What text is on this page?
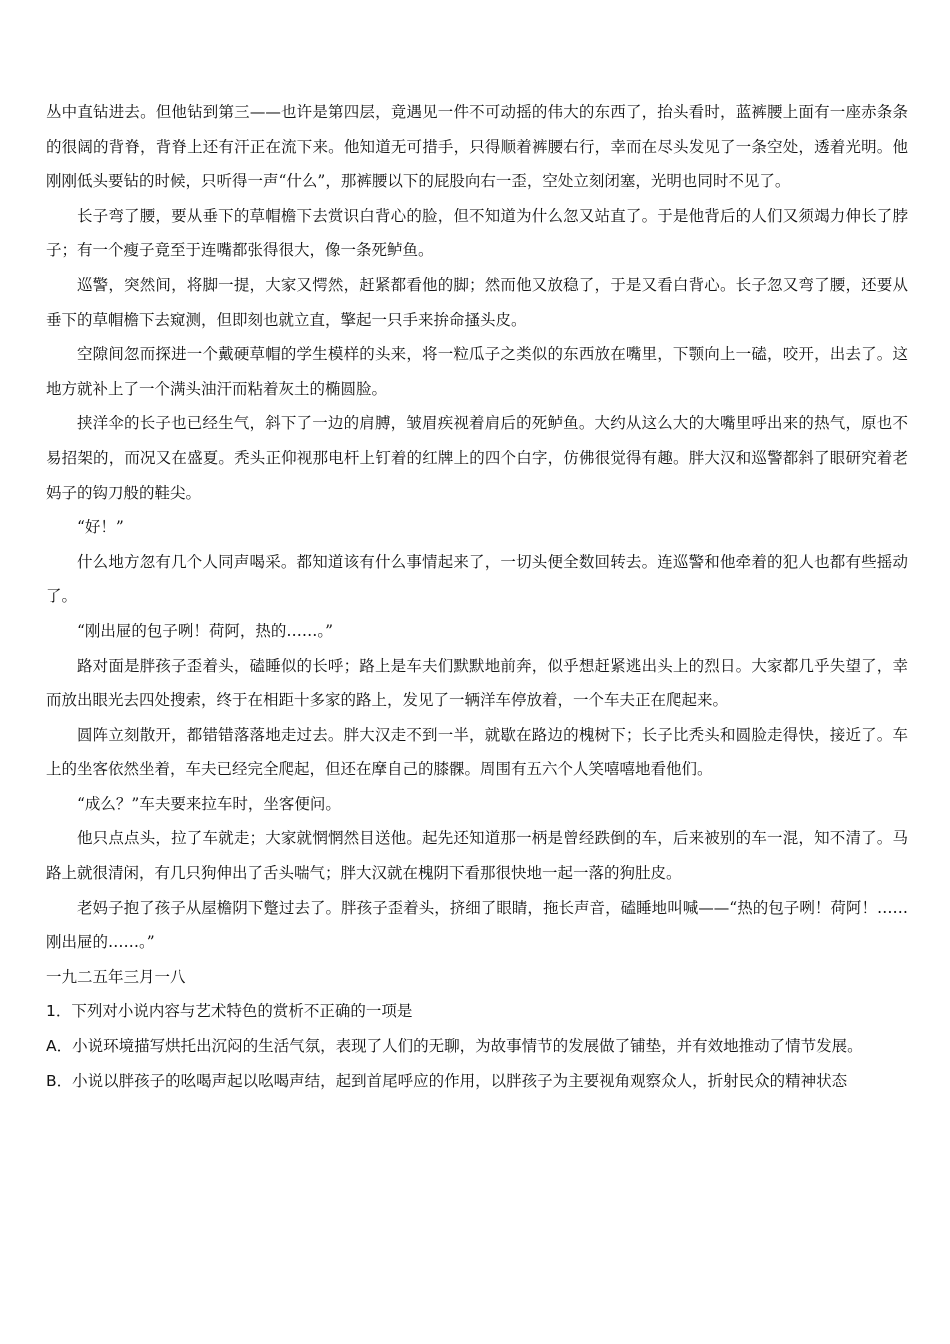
丛中直钻进去。但他钻到第三——也许是第四层，竟遇见一件不可动摇的伟大的东西了，抬头看时，蓝裤腰上面有一座赤条条的很阔的背脊，背脊上还有汗正在流下来。他知道无可措手，只得顺着裤腰右行，幸而在尽头发见了一条空处，透着光明。他刚刚低头要钻的时候，只听得一声“什么”，那裤腰以下的屁股向右一歪，空处立刻闭塞，光明也同时不见了。

长子弯了腰，要从垂下的草帽檐下去赏识白背心的脸，但不知道为什么忽又站直了。于是他背后的人们又须竭力伸长了脖子；有一个瘦子竟至于连嘴都张得很大，像一条死鲈鱼。

巡警，突然间，将脚一提，大家又愕然，赶紧都看他的脚；然而他又放稳了，于是又看白背心。长子忽又弯了腰，还要从垂下的草帽檐下去窥测，但即刻也就立直，擎起一只手来拚命搔头皮。

空隙间忽而探进一个戴硬草帽的学生模样的头来，将一粒瓜子之类似的东西放在嘴里，下颚向上一磕，咬开，出去了。这地方就补上了一个满头油汗而粘着灰土的椭圆脸。

挟洋伞的长子也已经生气，斜下了一边的肩膊，皱眉疾视着肩后的死鲈鱼。大约从这么大的大嘴里呼出来的热气，原也不易招架的，而况又在盛夏。秃头正仰视那电杆上钉着的红牌上的四个白字，仿佛很觉得有趣。胖大汉和巡警都斜了眼研究着老妈子的钩刀般的鞋尖。

“好！”

什么地方忽有几个人同声喝采。都知道该有什么事情起来了，一切头便全数回转去。连巡警和他牵着的犯人也都有些摇动了。

“刚出屉的包子咧！荷阿，热的……。”

路对面是胖孩子歪着头，磕睡似的长呼；路上是车夫们默默地前奔，似乎想赶紧逃出头上的烈日。大家都几乎失望了，幸而放出眼光去四处搜索，终于在相距十多家的路上，发见了一辆洋车停放着，一个车夫正在爬起来。

圆阵立刻散开，都错错落落地走过去。胖大汉走不到一半，就歇在路边的槐树下；长子比秃头和圆脸走得快，接近了。车上的坐客依然坐着，车夫已经完全爬起，但还在摩自己的膝髁。周围有五六个人笑嘻嘻地看他们。

“成么？”车夫要来拉车时，坐客便问。

他只点点头，拉了车就走；大家就惘惘然目送他。起先还知道那一柄是曾经跌倒的车，后来被别的车一混，知不清了。马路上就很清闲，有几只狗伸出了舌头喘气；胖大汉就在槐阴下看那很快地一起一落的狗肚皮。

老妈子抱了孩子从屋檐阴下蹩过去了。胖孩子歪着头，挤细了眼睛，拖长声音，磕睡地叫喊——“热的包子咧！荷阿！……刚出屉的……。”

一九二五年三月一八

1．下列对小说内容与艺术特色的赏析不正确的一项是

A．小说环境描写烘托出沉闷的生活气氛，表现了人们的无聊，为故事情节的发展做了铺垫，并有效地推动了情节发展。

B．小说以胖孩子的吆喝声起以吆喝声结，起到首尾呼应的作用，以胖孩子为主要视角观察众人，折射民众的精神状态
